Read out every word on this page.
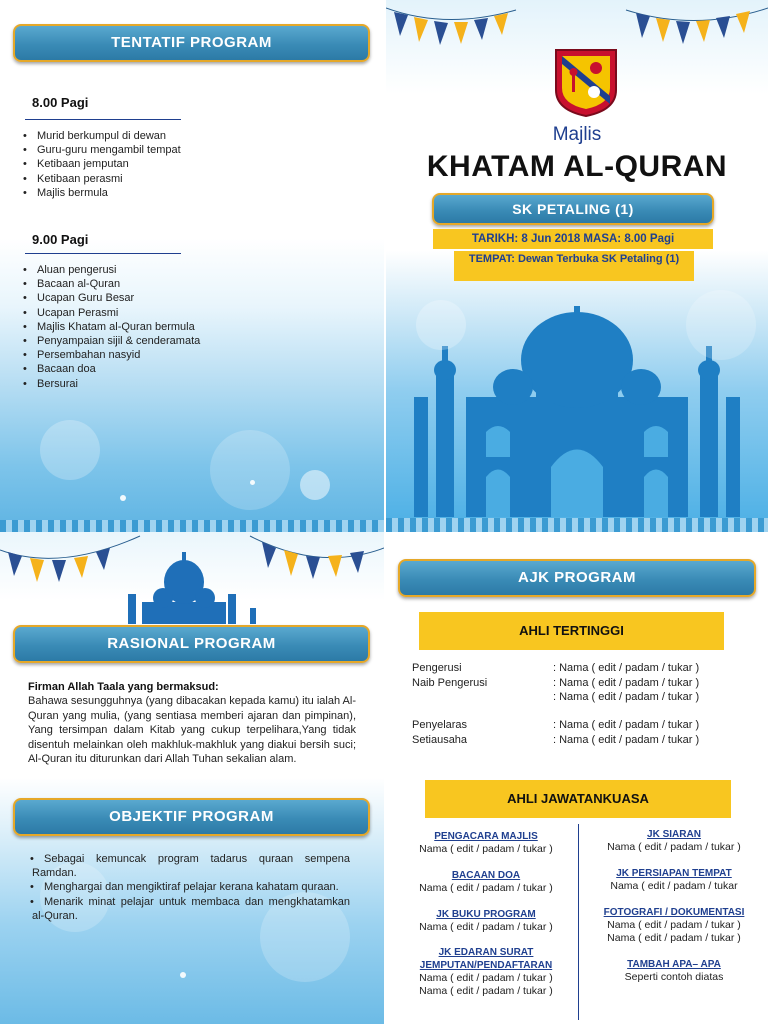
TENTATIF PROGRAM
8.00 Pagi
• Murid berkumpul di dewan
• Guru-guru mengambil tempat
• Ketibaan jemputan
• Ketibaan perasmi
• Majlis bermula
9.00 Pagi
• Aluan pengerusi
• Bacaan al-Quran
• Ucapan Guru Besar
• Ucapan Perasmi
• Majlis Khatam al-Quran bermula
• Penyampaian sijil & cenderamata
• Persembahan nasyid
• Bacaan doa
• Bersurai
Majlis
KHATAM AL-QURAN
SK PETALING (1)
TARIKH: 8 Jun 2018 MASA: 8.00 Pagi
TEMPAT: Dewan Terbuka SK Petaling (1)
RASIONAL PROGRAM
Firman Allah Taala yang bermaksud:
Bahawa sesungguhnya (yang dibacakan kepada kamu) itu ialah Al-Quran yang mulia, (yang sentiasa memberi ajaran dan pimpinan), Yang tersimpan dalam Kitab yang cukup terpelihara,Yang tidak disentuh melainkan oleh makhluk-makhluk yang diakui bersih suci; Al-Quran itu diturunkan dari Allah Tuhan sekalian alam.
OBJEKTIF PROGRAM
• Sebagai kemuncak program tadarus quraan sempena Ramdan.
• Menghargai dan mengiktiraf pelajar kerana kahatam quraan.
• Menarik minat pelajar untuk membaca dan mengkhatamkan al-Quran.
AJK PROGRAM
AHLI TERTINGGI
Pengerusi	: Nama ( edit / padam / tukar )
Naib Pengerusi	: Nama ( edit / padam / tukar )
: Nama ( edit / padam / tukar )
Penyelaras	: Nama ( edit / padam / tukar )
Setiausaha	: Nama ( edit / padam / tukar )
AHLI JAWATANKUASA
PENGACARA MAJLIS
Nama ( edit / padam / tukar )
BACAAN DOA
Nama ( edit / padam / tukar )
JK BUKU PROGRAM
Nama ( edit / padam / tukar )
JK EDARAN SURAT JEMPUTAN/PENDAFTARAN
Nama ( edit / padam / tukar )
Nama ( edit / padam / tukar )
JK SIARAN
Nama ( edit / padam / tukar )
JK PERSIAPAN TEMPAT
Nama ( edit / padam / tukar
FOTOGRAFI / DOKUMENTASI
Nama ( edit / padam / tukar )
Nama ( edit / padam / tukar )
TAMBAH APA– APA
Seperti contoh diatas
